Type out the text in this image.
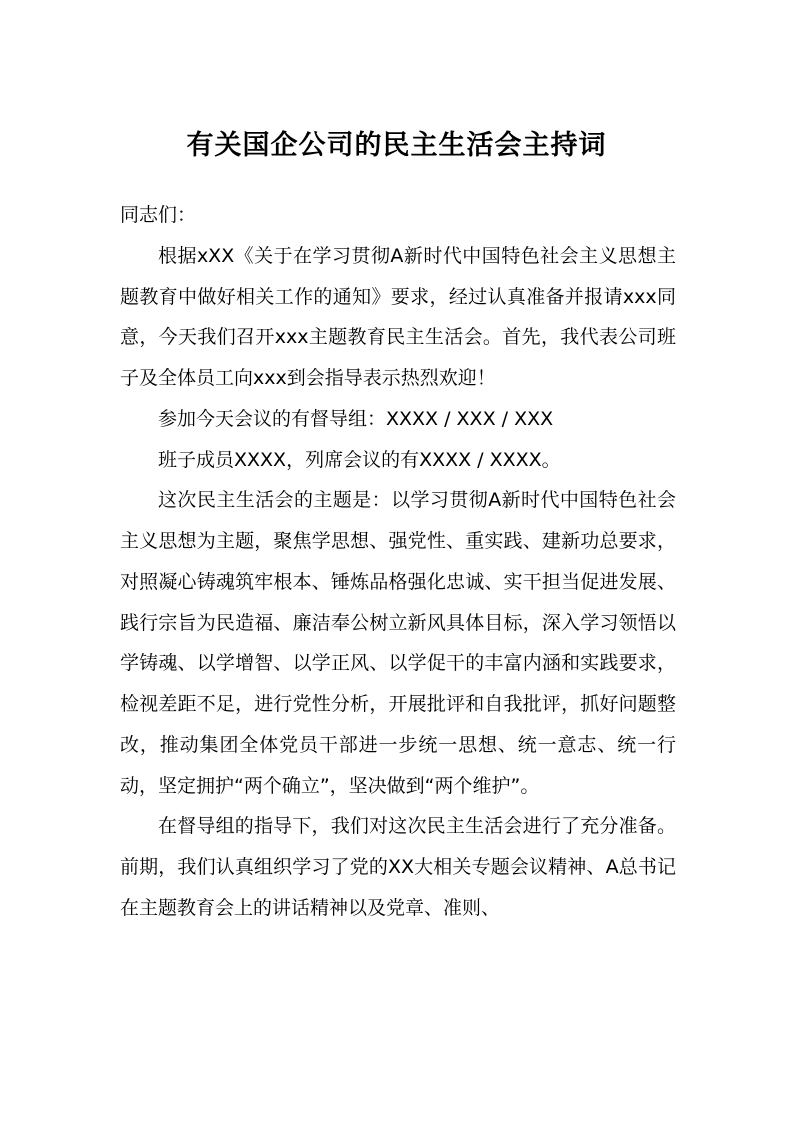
有关国企公司的民主生活会主持词

同志们：

根据xXX《关于在学习贯彻A新时代中国特色社会主义思想主题教育中做好相关工作的通知》要求，经过认真准备并报请xxx同意，今天我们召开xxx主题教育民主生活会。首先，我代表公司班子及全体员工向xxx到会指导表示热烈欢迎！

参加今天会议的有督导组：XXXX / XXX / XXX

班子成员XXXX，列席会议的有XXXX / XXXX。

这次民主生活会的主题是：以学习贯彻A新时代中国特色社会主义思想为主题，聚焦学思想、强党性、重实践、建新功总要求，对照凝心铸魂筑牢根本、锤炼品格强化忠诚、实干担当促进发展、践行宗旨为民造福、廉洁奉公树立新风具体目标，深入学习领悟以学铸魂、以学增智、以学正风、以学促干的丰富内涵和实践要求，检视差距不足，进行党性分析，开展批评和自我批评，抓好问题整改，推动集团全体党员干部进一步统一思想、统一意志、统一行动，坚定拥护“两个确立”，坚决做到“两个维护”。

在督导组的指导下，我们对这次民主生活会进行了充分准备。前期，我们认真组织学习了党的XX大相关专题会议精神、A总书记在主题教育会上的讲话精神以及党章、准则、
